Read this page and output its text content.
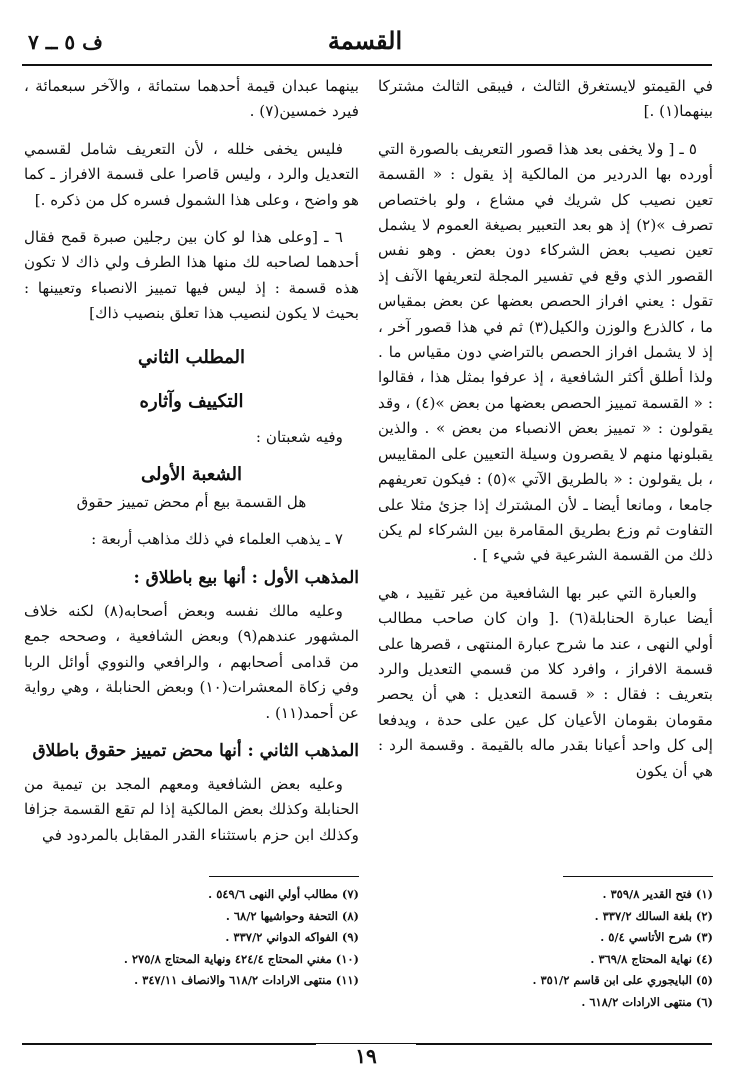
ف ٥ ــ ٧	القسمة

في القيمتو لايستغرق الثالث ، فيبقى الثالث مشتركا بينهما(١) .]

٥ ـ [ ولا يخفى بعد هذا قصور التعريف بالصورة التي أورده بها الدردير من المالكية إذ يقول : « القسمة تعين نصيب كل شريك في مشاع ، ولو باختصاص تصرف »(٢) إذ هو بعد التعبير بصيغة العموم لا يشمل تعين نصيب بعض الشركاء دون بعض . وهو نفس القصور الذي وقع في تفسير المجلة لتعريفها الآنف إذ تقول : يعني افراز الحصص بعضها عن بعض بمقياس ما ، كالذرع والوزن والكيل(٣) ثم في هذا قصور آخر ، إذ لا يشمل افراز الحصص بالتراضي دون مقياس ما . ولذا أطلق أكثر الشافعية ، إذ عرفوا بمثل هذا ، فقالوا : « القسمة تمييز الحصص بعضها من بعض »(٤) ، وقد يقولون : « تمييز بعض الانصباء من بعض » . والذين يقبلونها منهم لا يقصرون وسيلة التعيين على المقاييس ، بل يقولون : « بالطريق الآتي »(٥) : فيكون تعريفهم جامعا ، ومانعا أيضا ـ لأن المشترك إذا جزئ مثلا على التفاوت ثم وزع بطريق المقامرة بين الشركاء لم يكن ذلك من القسمة الشرعية في شيء ] .

والعبارة التي عبر بها الشافعية من غير تقييد ، هي أيضا عبارة الحنابلة(٦) .[ وان كان صاحب مطالب أولي النهى ، عند ما شرح عبارة المنتهى ، قصرها على قسمة الافراز ، وافرد كلا من قسمي التعديل والرد بتعريف : فقال : « قسمة التعديل : هي أن يحصر مقومان بقومان الأعيان كل عين على حدة ، ويدفعا إلى كل واحد أعيانا بقدر ماله بالقيمة . وقسمة الرد : هي أن يكون

بينهما عبدان قيمة أحدهما ستمائة ، والآخر سبعمائة ، فيرد خمسين(٧) .

فليس يخفى خلله ، لأن التعريف شامل لقسمي التعديل والرد ، وليس قاصرا على قسمة الافراز ـ كما هو واضح ، وعلى هذا الشمول فسره كل من ذكره .]

٦ ـ [وعلى هذا لو كان بين رجلين صبرة قمح فقال أحدهما لصاحبه لك منها هذا الطرف ولي ذاك لا تكون هذه قسمة : إذ ليس فيها تمييز الانصباء وتعيينها : بحيث لا يكون لنصيب هذا تعلق بنصيب ذاك]

المطلب الثاني
التكييف وآثاره

وفيه شعبتان :

الشعبة الأولى

هل القسمة بيع أم محض تمييز حقوق

٧ ـ يذهب العلماء في ذلك مذاهب أربعة :

المذهب الأول : أنها بيع باطلاق :

وعليه مالك نفسه وبعض أصحابه(٨) لكنه خلاف المشهور عندهم(٩) وبعض الشافعية ، وصححه جمع من قدامى أصحابهم ، والرافعي والنووي أوائل الربا وفي زكاة المعشرات(١٠) وبعض الحنابلة ، وهي رواية عن أحمد(١١) .

المذهب الثاني : أنها محض تمييز حقوق باطلاق

وعليه بعض الشافعية ومعهم المجد بن تيمية من الحنابلة وكذلك بعض المالكية إذا لم تقع القسمة جزافا وكذلك ابن حزم باستثناء القدر المقابل بالمردود في

(١) فتح القدير ٣٥٩/٨ .
(٢) بلغة السالك ٣٣٧/٢ .
(٣) شرح الأتاسي ٥/٤ .
(٤) نهاية المحتاج ٣٦٩/٨ .
(٥) البايجوري على ابن قاسم ٣٥١/٢ .
(٦) منتهى الارادات ٦١٨/٢ .
(٧) مطالب أولي النهى ٥٤٩/٦ .
(٨) التحفة وحواشيها ٦٨/٢ .
(٩) الفواكه الدواني ٣٣٧/٢ .
(١٠) مغني المحتاج ٤٢٤/٤ ونهاية المحتاج ٢٧٥/٨ .
(١١) منتهى الارادات ٦١٨/٢ والانصاف ٣٤٧/١١ .
١٩
